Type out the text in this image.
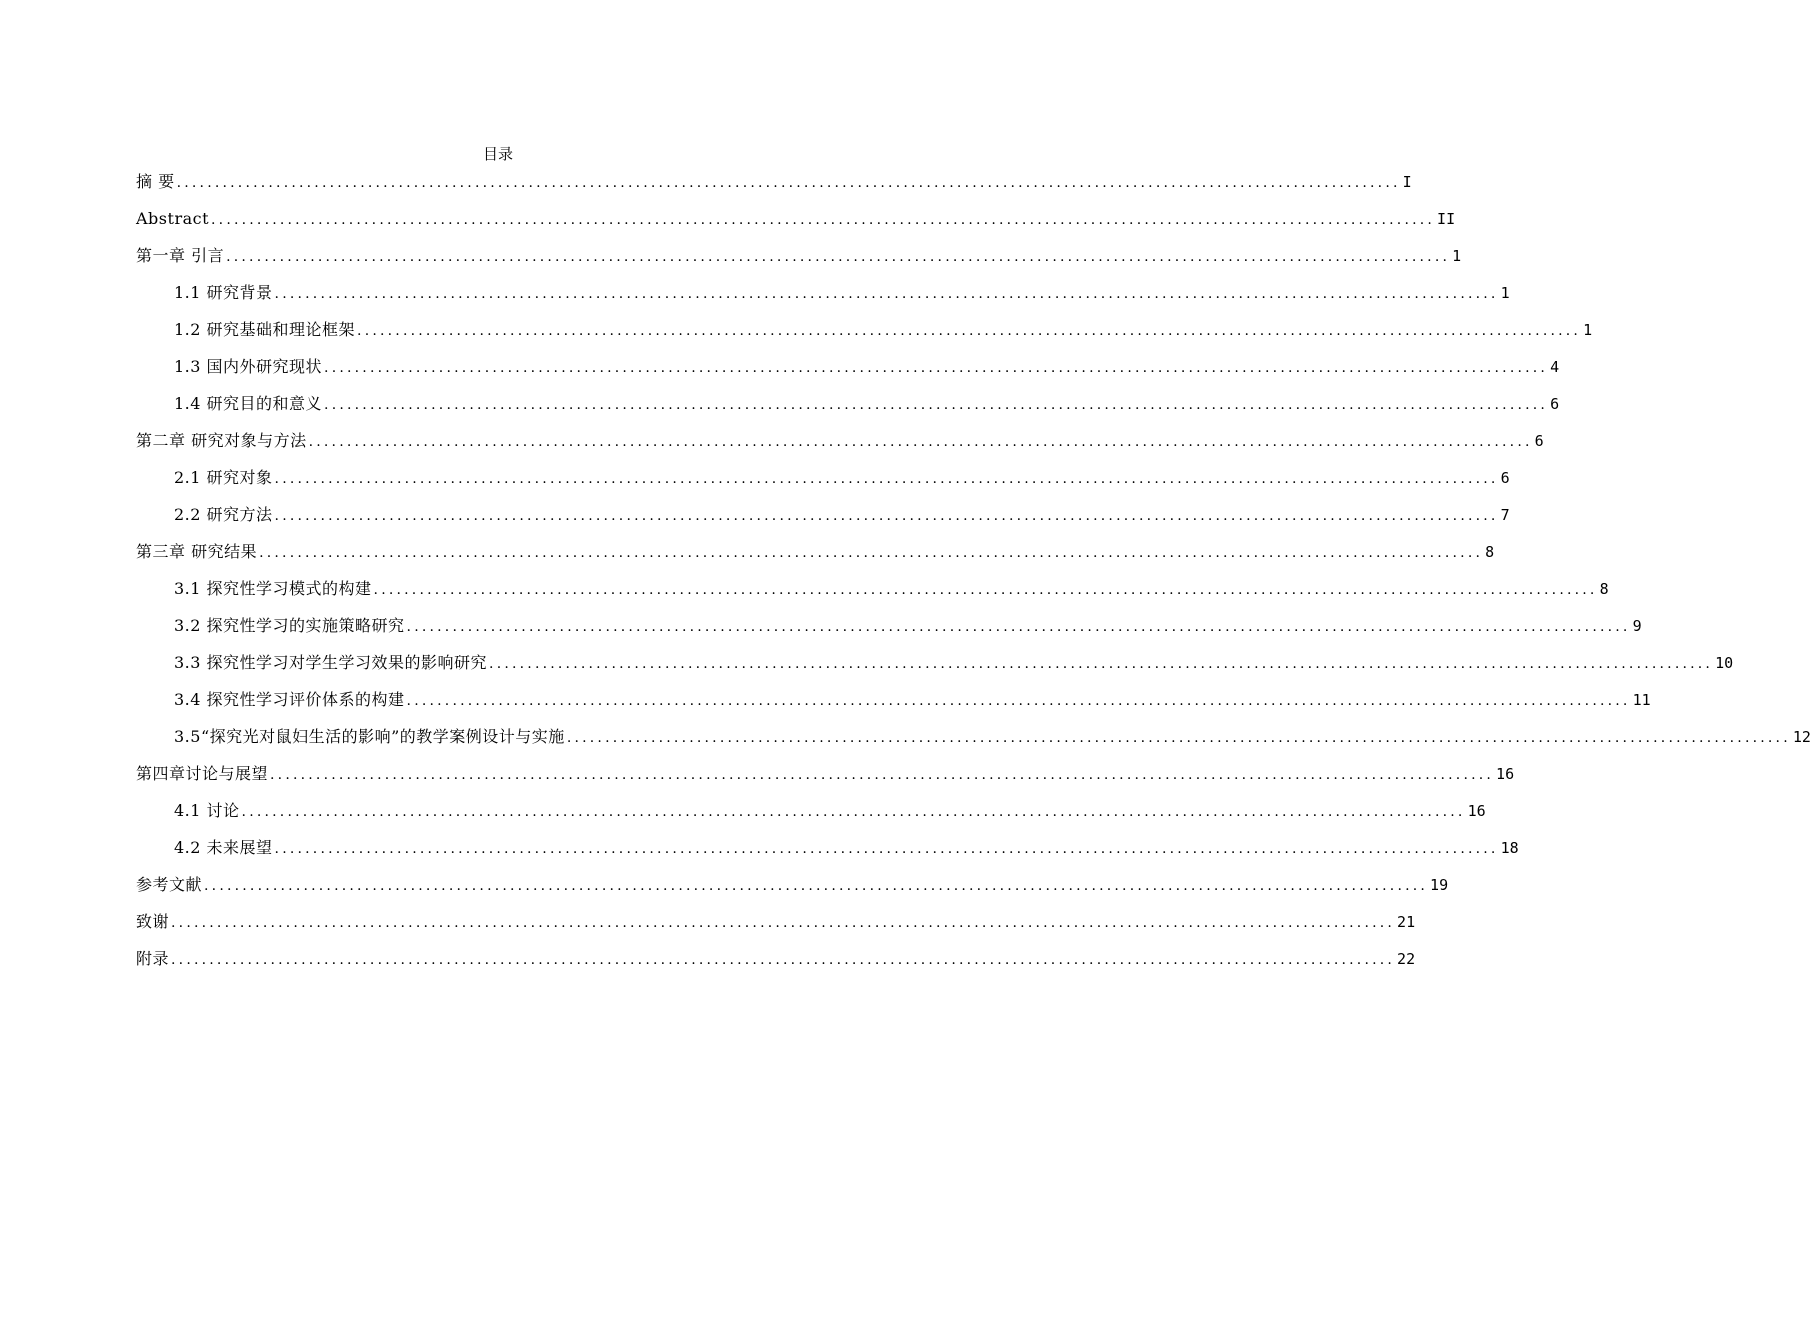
目录
摘 要 ................................................................................................................................................................ I
Abstract ................................................................................................................................................................ II
第一章 引言 ................................................................................................................................................................ 1
1.1 研究背景 ................................................................................................................................................................ 1
1.2 研究基础和理论框架 ................................................................................................................................................................ 1
1.3 国内外研究现状 ................................................................................................................................................................ 4
1.4 研究目的和意义 ................................................................................................................................................................ 6
第二章 研究对象与方法 ................................................................................................................................................................ 6
2.1 研究对象 ................................................................................................................................................................ 6
2.2 研究方法 ................................................................................................................................................................ 7
第三章 研究结果 ................................................................................................................................................................ 8
3.1 探究性学习模式的构建 ................................................................................................................................................................ 8
3.2 探究性学习的实施策略研究 ................................................................................................................................................................ 9
3.3 探究性学习对学生学习效果的影响研究 ................................................................................................................................................................ 10
3.4 探究性学习评价体系的构建 ................................................................................................................................................................ 11
3.5“探究光对鼠妇生活的影响”的教学案例设计与实施 ................................................................................................................................................................ 12
第四章讨论与展望 ................................................................................................................................................................ 16
4.1 讨论 ................................................................................................................................................................ 16
4.2 未来展望 ................................................................................................................................................................ 18
参考文献 ................................................................................................................................................................ 19
致谢 ................................................................................................................................................................ 21
附录 ................................................................................................................................................................ 22
